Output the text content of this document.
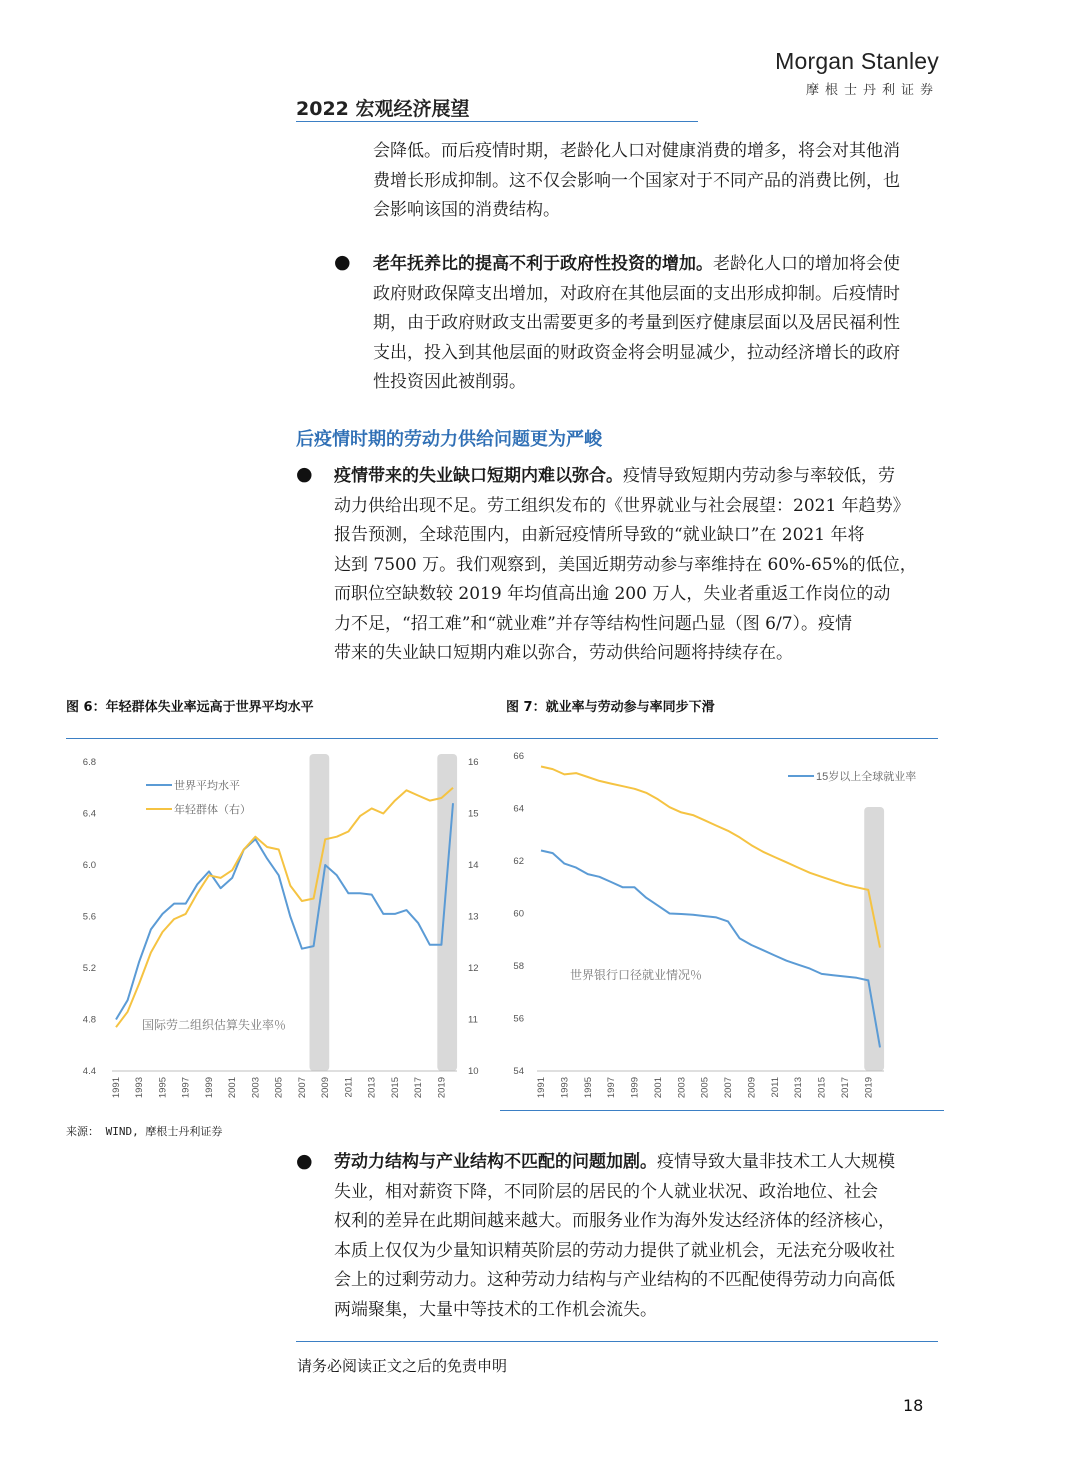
Morgan Stanley
摩根士丹利证券
2022 宏观经济展望
会降低。而后疫情时期，老龄化人口对健康消费的增多，将会对其他消
费增长形成抑制。这不仅会影响一个国家对于不同产品的消费比例，也
会影响该国的消费结构。
● 老年抚养比的提高不利于政府性投资的增加。老龄化人口的增加将会使
政府财政保障支出增加，对政府在其他层面的支出形成抑制。后疫情时
期，由于政府财政支出需要更多的考量到医疗健康层面以及居民福利性
支出，投入到其他层面的财政资金将会明显减少，拉动经济增长的政府
性投资因此被削弱。
后疫情时期的劳动力供给问题更为严峻
● 疫情带来的失业缺口短期内难以弥合。疫情导致短期内劳动参与率较低，劳
动力供给出现不足。劳工组织发布的《世界就业与社会展望：2021 年趋势》
报告预测，全球范围内，由新冠疫情所导致的“就业缺口”在 2021 年将
达到 7500 万。我们观察到，美国近期劳动参与率维持在 60%-65%的低位，
而职位空缺数较 2019 年均值高出逾 200 万人，失业者重返工作岗位的动
力不足，“招工难”和“就业难”并存等结构性问题凸显（图 6/7）。疫情
带来的失业缺口短期内难以弥合，劳动供给问题将持续存在。
图 6：年轻群体失业率远高于世界平均水平	图 7：就业率与劳动参与率同步下滑
4.4
4.8
5.2
5.6
6.0
6.4
6.8
10
11
12
13
14
15
16
1991 1993 1995 1997 1999 2001 2003 2005 2007 2009 2011 2013 2015 2017 2019
世界平均水平
年轻群体（右）
国际劳二组织估算失业率％
54
56
58
60
62
64
66
1991 1993 1995 1997 1999 2001 2003 2005 2007 2009 2011 2013 2015 2017 2019
15岁以上全球就业率
世界银行口径就业情况％
来源： WIND, 摩根士丹利证券
● 劳动力结构与产业结构不匹配的问题加剧。疫情导致大量非技术工人大规模
失业，相对薪资下降，不同阶层的居民的个人就业状况、政治地位、社会
权利的差异在此期间越来越大。而服务业作为海外发达经济体的经济核心，
本质上仅仅为少量知识精英阶层的劳动力提供了就业机会，无法充分吸收社
会上的过剩劳动力。这种劳动力结构与产业结构的不匹配使得劳动力向高低
两端聚集，大量中等技术的工作机会流失。
请务必阅读正文之后的免责申明
18
